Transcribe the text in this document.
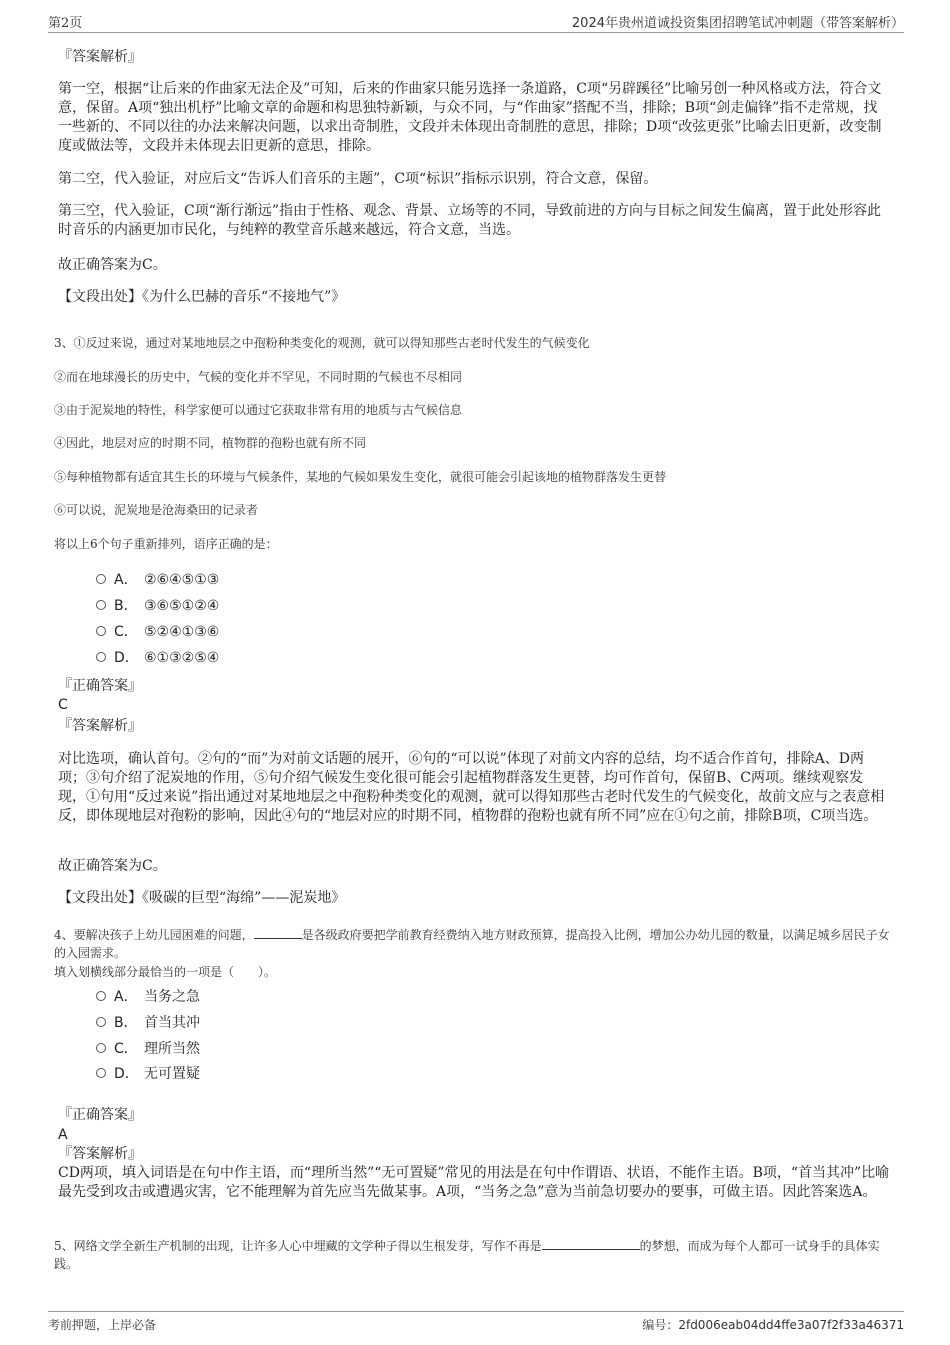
第2页	2024年贵州道诚投资集团招聘笔试冲刺题（带答案解析）
『答案解析』
第一空，根据“让后来的作曲家无法企及”可知，后来的作曲家只能另选择一条道路，C项“另辟蹊径”比喻另创一种风格或方法，符合文意，保留。A项“独出机杼”比喻文章的命题和构思独特新颖，与众不同，与“作曲家”搭配不当，排除；B项“剑走偏锋”指不走常规，找一些新的、不同以往的办法来解决问题，以求出奇制胜，文段并未体现出奇制胜的意思，排除；D项“改弦更张”比喻去旧更新，改变制度或做法等，文段并未体现去旧更新的意思，排除。
第二空，代入验证，对应后文“告诉人们音乐的主题”，C项“标识”指标示识别，符合文意，保留。
第三空，代入验证，C项“渐行渐远”指由于性格、观念、背景、立场等的不同，导致前进的方向与目标之间发生偏离，置于此处形容此时音乐的内涵更加市民化，与纯粹的教堂音乐越来越远，符合文意，当选。
故正确答案为C。
【文段出处】《为什么巴赫的音乐“不接地气”》
3、①反过来说，通过对某地地层之中孢粉种类变化的观测，就可以得知那些古老时代发生的气候变化
②而在地球漫长的历史中，气候的变化并不罕见，不同时期的气候也不尽相同
③由于泥炭地的特性，科学家便可以通过它获取非常有用的地质与古气候信息
④因此，地层对应的时期不同，植物群的孢粉也就有所不同
⑤每种植物都有适宜其生长的环境与气候条件，某地的气候如果发生变化，就很可能会引起该地的植物群落发生更替
⑥可以说，泥炭地是沧海桑田的记录者
将以上6个句子重新排列，语序正确的是：
A． ②⑥④⑤①③
B． ③⑥⑤①②④
C． ⑤②④①③⑥
D． ⑥①③②⑤④
『正确答案』
C
『答案解析』
对比选项，确认首句。②句的“而”为对前文话题的展开，⑥句的“可以说”体现了对前文内容的总结，均不适合作首句，排除A、D两项；③句介绍了泥炭地的作用，⑤句介绍气候发生变化很可能会引起植物群落发生更替，均可作首句，保留B、C两项。继续观察发现，①句用“反过来说”指出通过对某地地层之中孢粉种类变化的观测，就可以得知那些古老时代发生的气候变化，故前文应与之表意相反，即体现地层对孢粉的影响，因此④句的“地层对应的时期不同，植物群的孢粉也就有所不同”应在①句之前，排除B项，C项当选。
故正确答案为C。
【文段出处】《吸碳的巨型“海绵”——泥炭地》
4、要解决孩子上幼儿园困难的问题，	是各级政府要把学前教育经费纳入地方财政预算，提高投入比例，增加公办幼儿园的数量，以满足城乡居民子女的入园需求。
填入划横线部分最恰当的一项是（　　）。
A． 当务之急
B． 首当其冲
C． 理所当然
D． 无可置疑
『正确答案』
A
『答案解析』
CD两项，填入词语是在句中作主语，而“理所当然”“无可置疑”常见的用法是在句中作谓语、状语，不能作主语。B项，“首当其冲”比喻最先受到攻击或遭遇灾害，它不能理解为首先应当先做某事。A项，“当务之急”意为当前急切要办的要事，可做主语。因此答案选A。
5、网络文学全新生产机制的出现，让许多人心中埋藏的文学种子得以生根发芽，写作不再是	的梦想，而成为每个人都可一试身手的具体实践。
考前押题，上岸必备	编号：2fd006eab04dd4ffe3a07f2f33a46371
